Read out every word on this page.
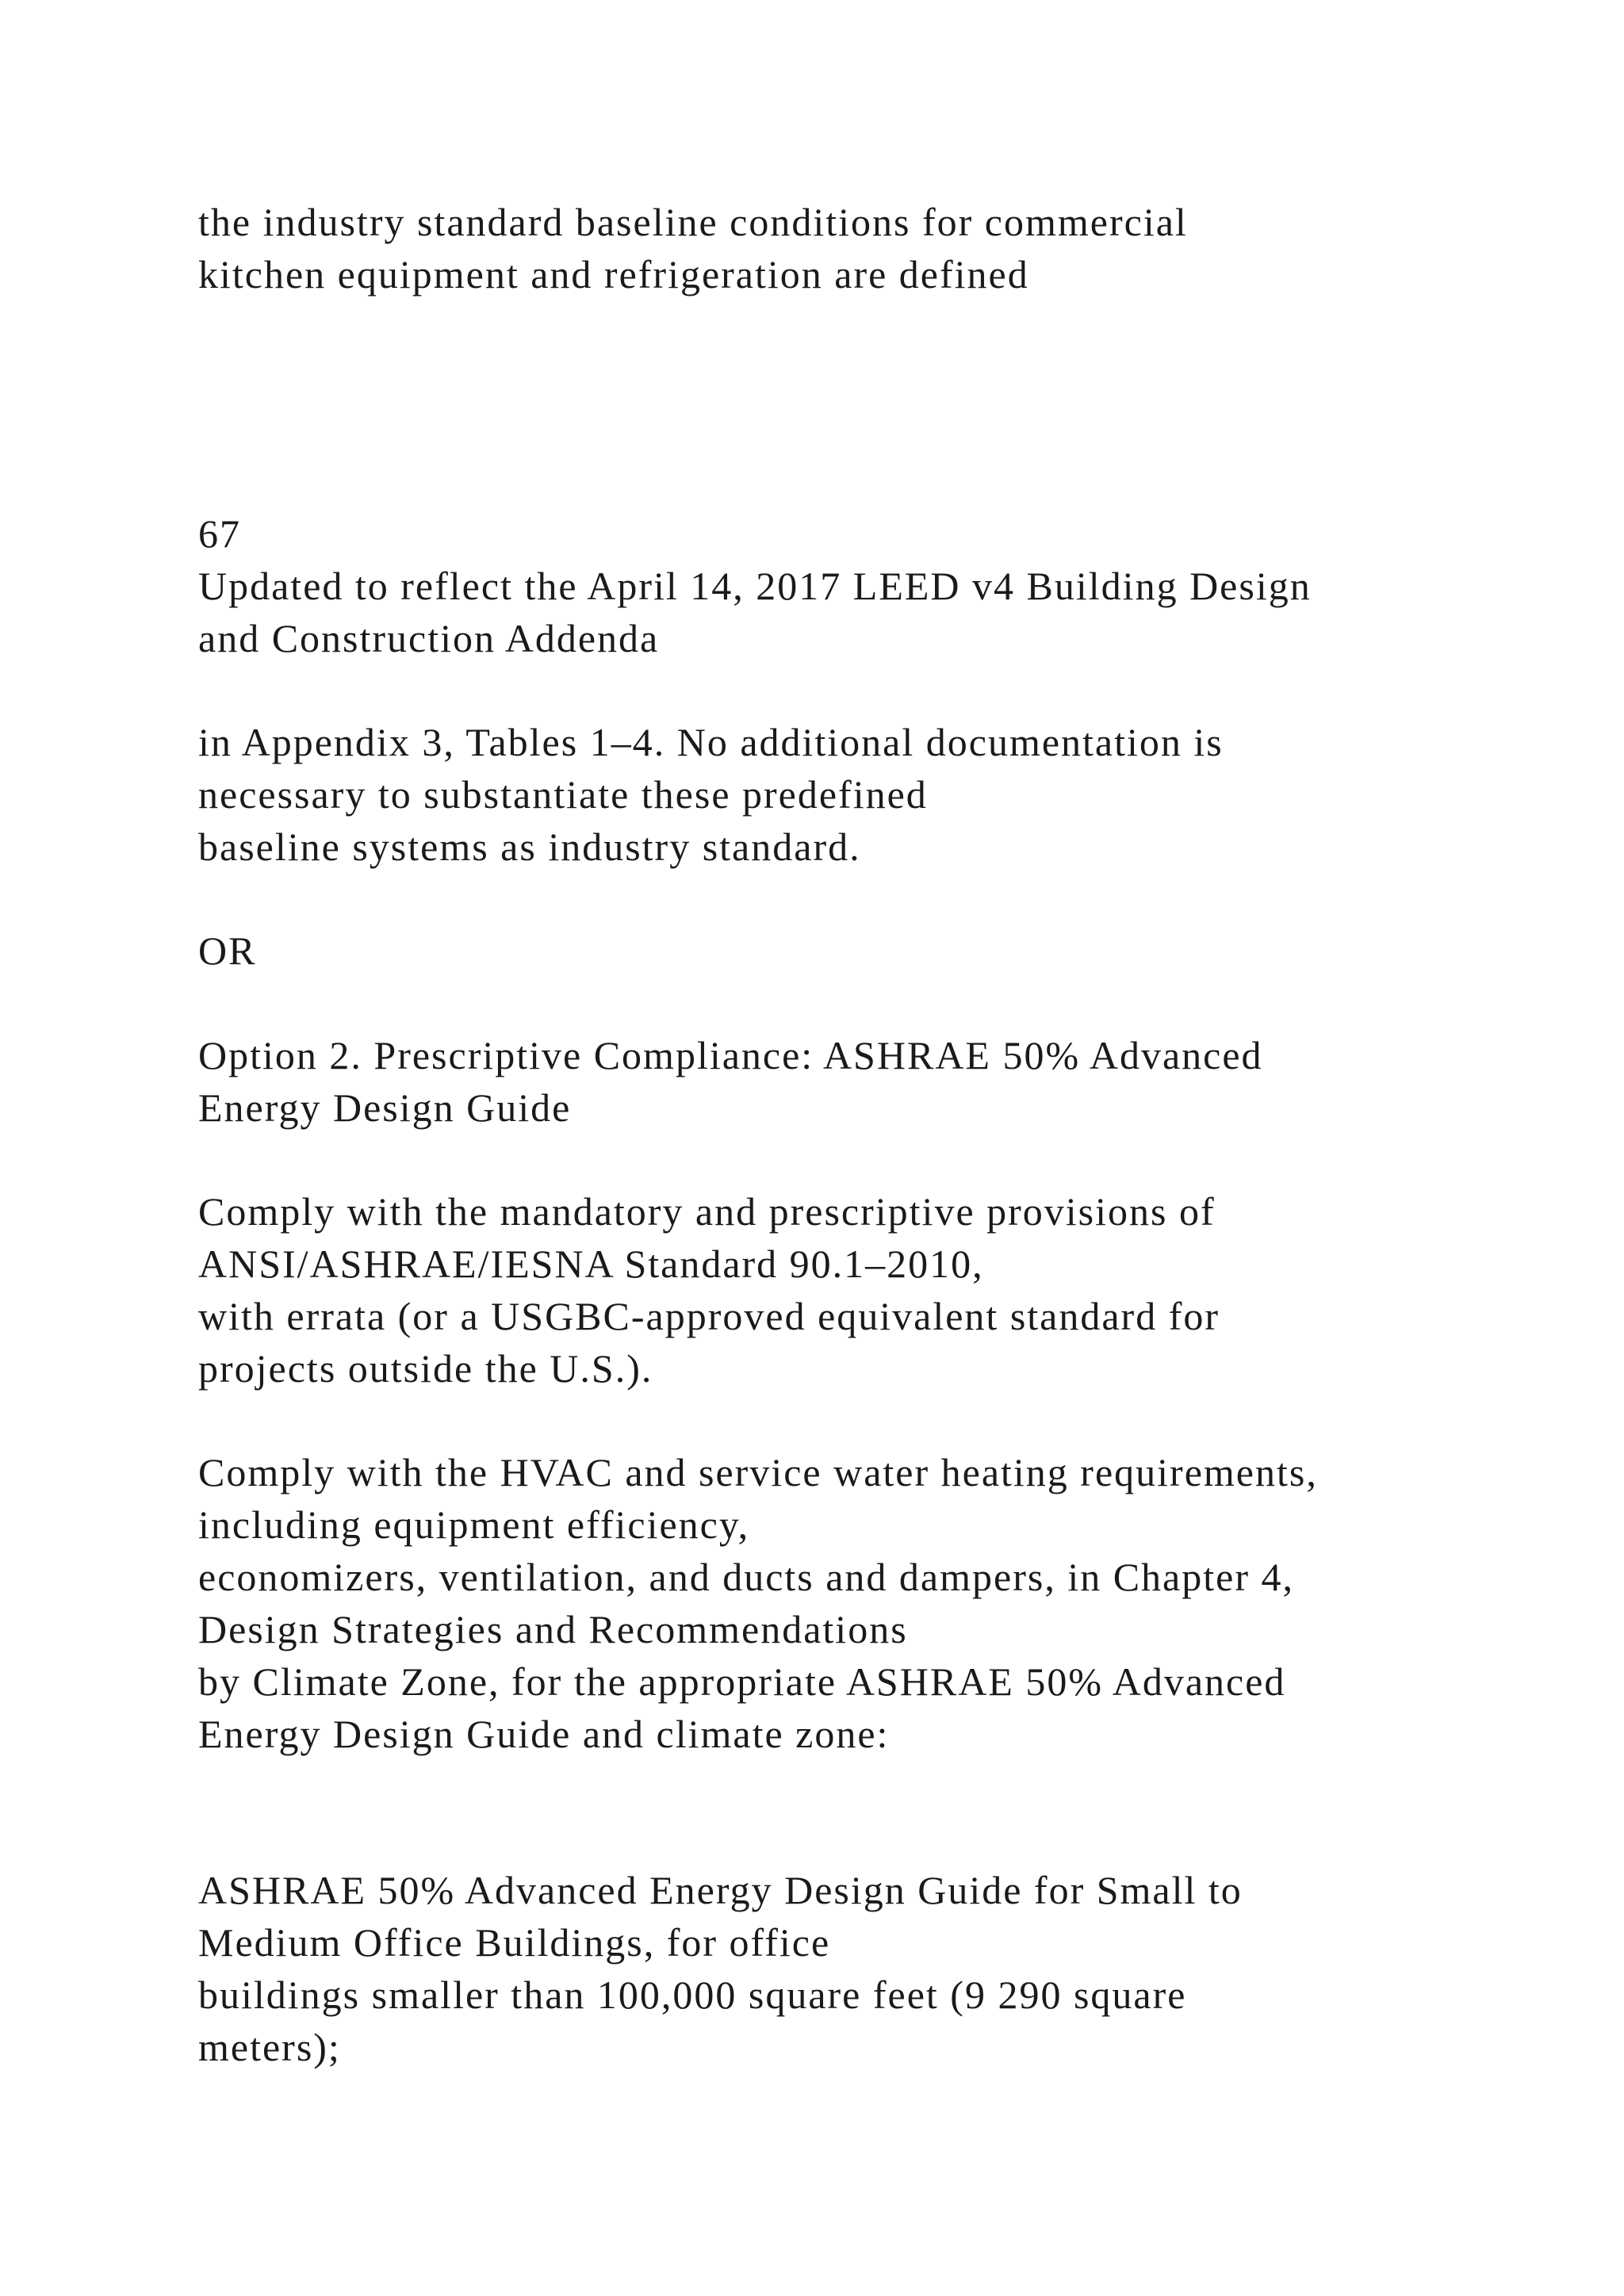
the industry standard baseline conditions for commercial

kitchen equipment and refrigeration are defined

67

Updated to reflect the April 14, 2017 LEED v4 Building Design

and Construction Addenda

in Appendix 3, Tables 1–4. No additional documentation is

necessary to substantiate these predefined

baseline systems as industry standard.

OR

Option 2. Prescriptive Compliance: ASHRAE 50% Advanced

Energy Design Guide

Comply with the mandatory and prescriptive provisions of

ANSI/ASHRAE/IESNA Standard 90.1–2010,

with errata (or a USGBC-approved equivalent standard for

projects outside the U.S.).

Comply with the HVAC and service water heating requirements,

including equipment efficiency,

economizers, ventilation, and ducts and dampers, in Chapter 4,

Design Strategies and Recommendations

by Climate Zone, for the appropriate ASHRAE 50% Advanced

Energy Design Guide and climate zone:

ASHRAE 50% Advanced Energy Design Guide for Small to

Medium Office Buildings, for office

buildings smaller than 100,000 square feet (9 290 square

meters);
